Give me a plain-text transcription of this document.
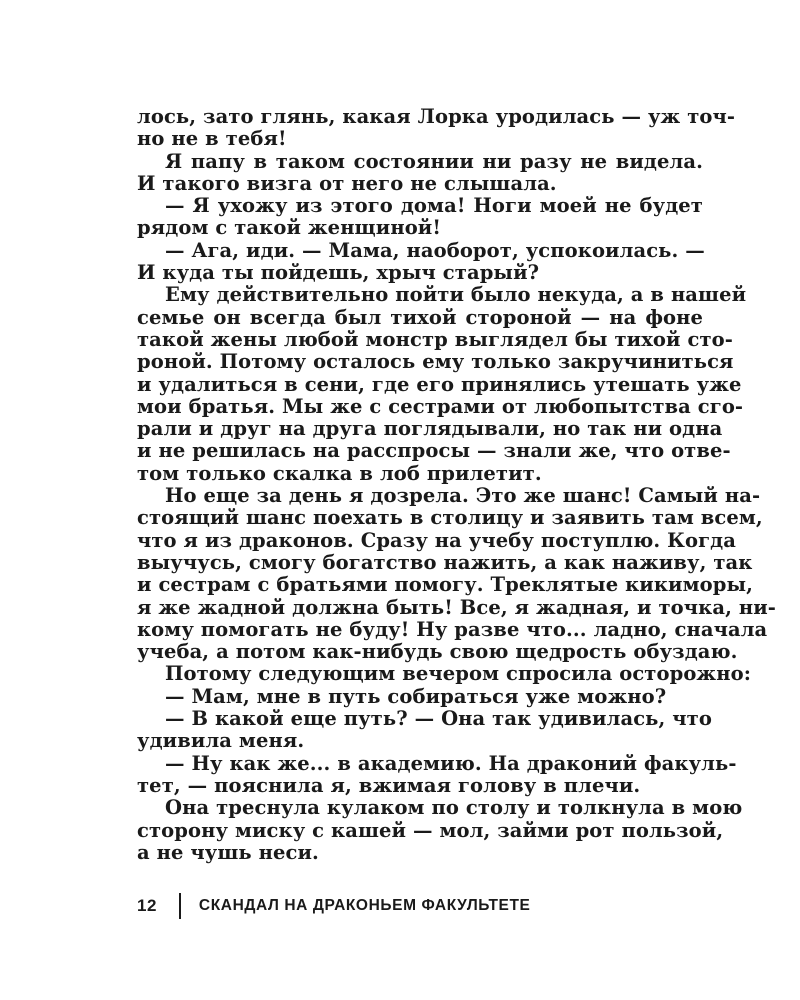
лось, зато глянь, какая Лорка уродилась — уж точ-
но не в тебя!
Я папу в таком состоянии ни разу не видела.
И такого визга от него не слышала.
— Я ухожу из этого дома! Ноги моей не будет
рядом с такой женщиной!
— Ага, иди. — Мама, наоборот, успокоилась. —
И куда ты пойдешь, хрыч старый?
Ему действительно пойти было некуда, а в нашей
семье он всегда был тихой стороной — на фоне
такой жены любой монстр выглядел бы тихой сто-
роной. Потому осталось ему только закручиниться
и удалиться в сени, где его принялись утешать уже
мои братья. Мы же с сестрами от любопытства сго-
рали и друг на друга поглядывали, но так ни одна
и не решилась на расспросы — знали же, что отве-
том только скалка в лоб прилетит.
Но еще за день я дозрела. Это же шанс! Самый на-
стоящий шанс поехать в столицу и заявить там всем,
что я из драконов. Сразу на учебу поступлю. Когда
выучусь, смогу богатство нажить, а как наживу, так
и сестрам с братьями помогу. Треклятые кикиморы,
я же жадной должна быть! Все, я жадная, и точка, ни-
кому помогать не буду! Ну разве что... ладно, сначала
учеба, а потом как-нибудь свою щедрость обуздаю.
Потому следующим вечером спросила осторожно:
— Мам, мне в путь собираться уже можно?
— В какой еще путь? — Она так удивилась, что
удивила меня.
— Ну как же... в академию. На драконий факуль-
тет, — пояснила я, вжимая голову в плечи.
Она треснула кулаком по столу и толкнула в мою
сторону миску с кашей — мол, займи рот пользой,
а не чушь неси.
12	СКАНДАЛ НА ДРАКОНЬЕМ ФАКУЛЬТЕТЕ
